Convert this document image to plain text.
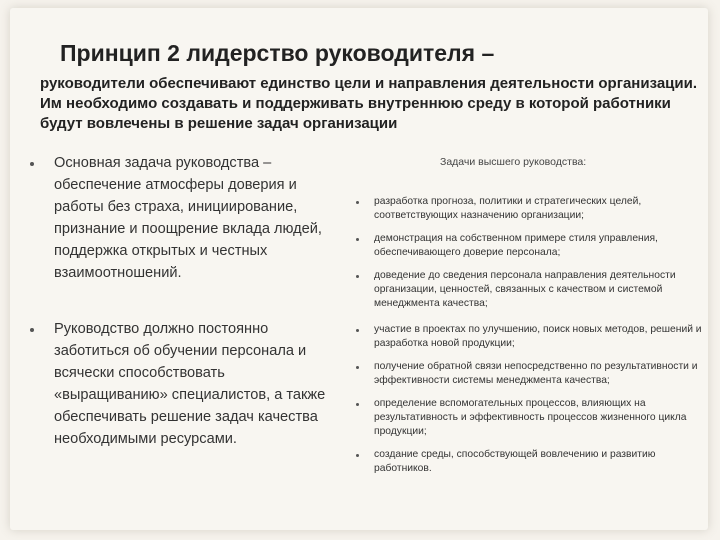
Принцип 2 лидерство руководителя –

руководители обеспечивают единство цели и направления деятельности организации. Им необходимо создавать и поддерживать внутреннюю среду в которой работники будут вовлечены в решение задач организации

Основная задача руководства – обеспечение атмосферы доверия и работы без страха, инициирование, признание и поощрение вклада людей, поддержка открытых и честных взаимоотношений.
Руководство должно постоянно заботиться об обучении персонала и всячески способствовать «выращиванию» специалистов, а также обеспечивать решение задач качества необходимыми ресурсами.
Задачи высшего руководства:
разработка прогноза, политики и стратегических целей, соответствующих назначению организации;
демонстрация на собственном примере стиля управления, обеспечивающего доверие персонала;
доведение до сведения персонала направления деятельности организации, ценностей, связанных с качеством и системой менеджмента качества;
участие в проектах по улучшению, поиск новых методов, решений и разработка новой продукции;
получение обратной связи непосредственно по результативности и эффективности системы менеджмента качества;
определение вспомогательных процессов, влияющих на результативность и эффективность процессов жизненного цикла продукции;
создание среды, способствующей вовлечению и развитию работников.
